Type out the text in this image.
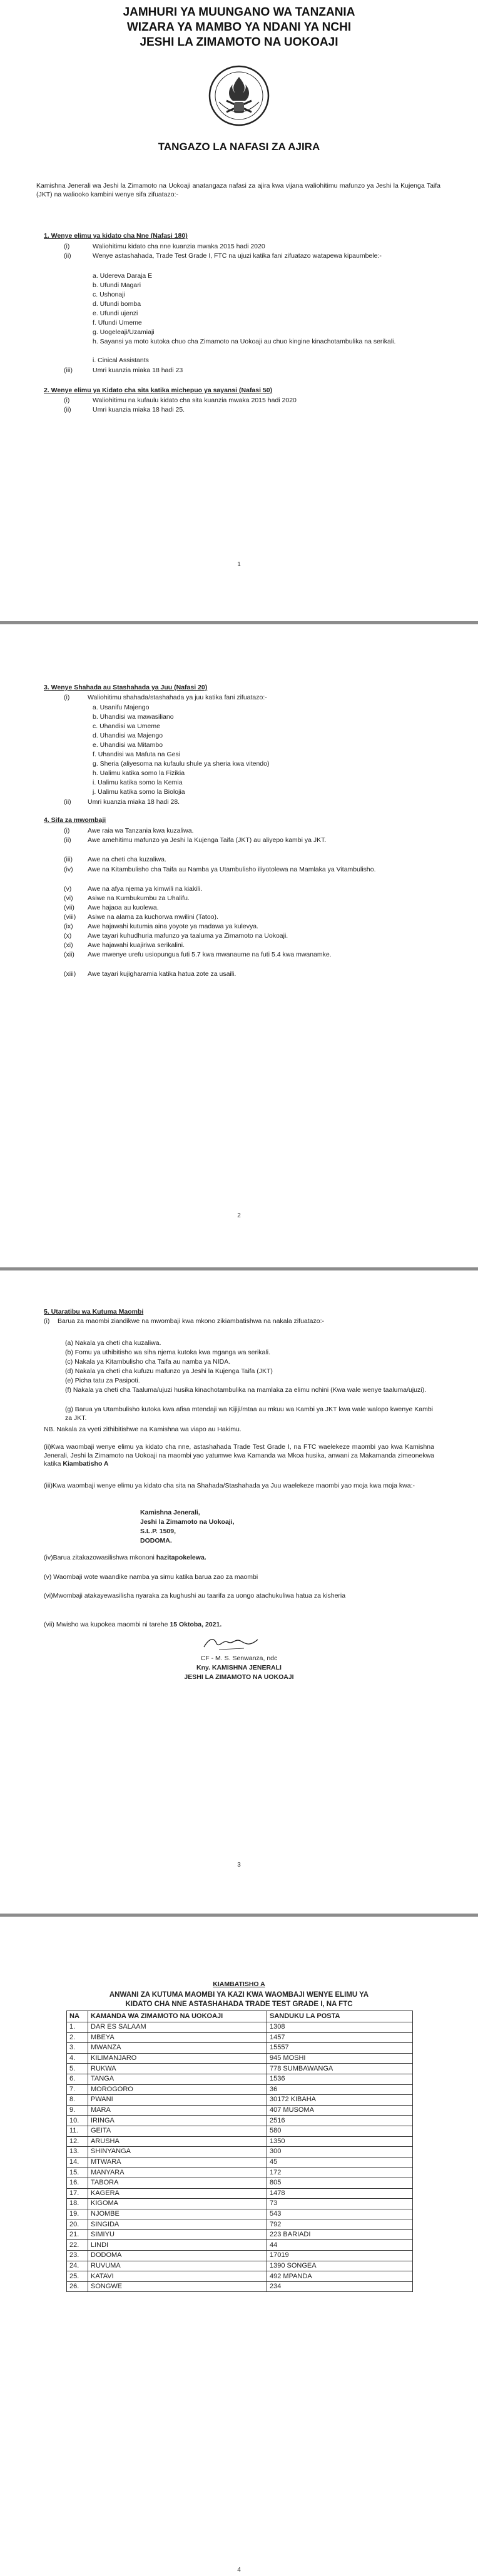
JAMHURI YA MUUNGANO WA TANZANIA
WIZARA YA MAMBO YA NDANI YA NCHI
JESHI LA ZIMAMOTO NA UOKOAJI
TANGAZO LA NAFASI ZA AJIRA
Kamishna Jenerali wa Jeshi la Zimamoto na Uokoaji anatangaza nafasi za ajira kwa vijana waliohitimu mafunzo ya Jeshi la Kujenga Taifa (JKT) na waliooko kambini wenye sifa zifuatazo:-
1. Wenye elimu ya kidato cha Nne (Nafasi 180)
(i)	Waliohitimu kidato cha nne kuanzia mwaka 2015 hadi 2020
(ii)	Wenye astashahada, Trade Test Grade I, FTC na ujuzi katika fani zifuatazo watapewa kipaumbele:-
a. Udereva Daraja E
b. Ufundi Magari
c. Ushonaji
d. Ufundi bomba
e. Ufundi ujenzi
f. Ufundi Umeme
g. Uogeleaji/Uzamiaji
h. Sayansi ya moto kutoka chuo cha Zimamoto na Uokoaji au chuo kingine kinachotambulika na serikali.
i. Cinical Assistants
(iii)	Umri kuanzia miaka 18 hadi 23
2. Wenye elimu ya Kidato cha sita katika michepuo ya sayansi (Nafasi 50)
(i)	Waliohitimu na kufaulu kidato cha sita kuanzia mwaka 2015 hadi 2020
(ii)	Umri kuanzia miaka 18 hadi 25.
1
3. Wenye Shahada au Stashahada ya Juu (Nafasi 20)
(i)	Waliohitimu shahada/stashahada ya juu katika fani zifuatazo:-
a. Usanifu Majengo
b. Uhandisi wa mawasiliano
c. Uhandisi wa Umeme
d. Uhandisi wa Majengo
e. Uhandisi wa Mitambo
f. Uhandisi wa Mafuta na Gesi
g. Sheria (aliyesoma na kufaulu shule ya sheria kwa vitendo)
h. Ualimu katika somo la Fizikia
i. Ualimu katika somo la Kemia
j. Ualimu katika somo la Biolojia
(ii)	Umri kuanzia miaka 18 hadi 28.
4. Sifa za mwombaji
(i)	Awe raia wa Tanzania kwa kuzaliwa.
(ii)	Awe amehitimu mafunzo ya Jeshi la Kujenga Taifa (JKT) au aliyepo kambi ya JKT.
(iii) Awe na cheti cha kuzaliwa.
(iv) Awe na Kitambulisho cha Taifa au Namba ya Utambulisho iliyotolewa na Mamlaka ya Vitambulisho.
(v) Awe na afya njema ya kimwili na kiakili.
(vi) Asiwe na Kumbukumbu za Uhalifu.
(vii) Awe hajaoa au kuolewa.
(viii) Asiwe na alama za kuchorwa mwilini (Tatoo).
(ix) Awe hajawahi kutumia aina yoyote ya madawa ya kulevya.
(x) Awe tayari kuhudhuria mafunzo ya taaluma ya Zimamoto na Uokoaji.
(xi) Awe hajawahi kuajiriwa serikalini.
(xii) Awe mwenye urefu usiopungua futi 5.7 kwa mwanaume na futi 5.4 kwa mwanamke.
(xiii) Awe tayari kujigharamia katika hatua zote za usaili.
2
5. Utaratibu wa Kutuma Maombi
(i) Barua za maombi ziandikwe na mwombaji kwa mkono zikiambatishwa na nakala zifuatazo:-
(a) Nakala ya cheti cha kuzaliwa.
(b) Fomu ya uthibitisho wa siha njema kutoka kwa mganga wa serikali.
(c) Nakala ya Kitambulisho cha Taifa au namba ya NIDA.
(d) Nakala ya cheti cha kufuzu mafunzo ya Jeshi la Kujenga Taifa (JKT)
(e) Picha tatu za Pasipoti.
(f) Nakala ya cheti cha Taaluma/ujuzi husika kinachotambulika na mamlaka za elimu nchini (Kwa wale wenye taaluma/ujuzi).
(g) Barua ya Utambulisho kutoka kwa afisa mtendaji wa Kijiji/mtaa au mkuu wa Kambi ya JKT kwa wale walopo kwenye Kambi za JKT.
NB. Nakala za vyeti zithibitishwe na Kamishna wa viapo au Hakimu.
(ii)Kwa waombaji wenye elimu ya kidato cha nne, astashahada Trade Test Grade I, na FTC waelekeze maombi yao kwa Kamishna Jenerali, Jeshi la Zimamoto na Uokoaji na maombi yao yatumwe kwa Kamanda wa Mkoa husika, anwani za Makamanda zimeonekwa katika Kiambatisho A
(iii)Kwa waombaji wenye elimu ya kidato cha sita na Shahada/Stashahada ya Juu waelekeze maombi yao moja kwa moja kwa:-
Kamishna Jenerali,
Jeshi la Zimamoto na Uokoaji,
S.L.P. 1509,
DODOMA.
(iv)Barua zitakazowasilishwa mkononi hazitapokelewa.
(v) Waombaji wote waandike namba ya simu katika barua zao za maombi
(vi)Mwombaji atakayewasilisha nyaraka za kughushi au taarifa za uongo atachukuliwa hatua za kisheria
(vii) Mwisho wa kupokea maombi ni tarehe 15 Oktoba, 2021.
CF - M. S. Senwanza, ndc
Kny. KAMISHNA JENERALI
JESHI LA ZIMAMOTO NA UOKOAJI
3
KIAMBATISHO A
ANWANI ZA KUTUMA MAOMBI YA KAZI KWA WAOMBAJI WENYE ELIMU YA
KIDATO CHA NNE ASTASHAHADA TRADE TEST GRADE I, NA FTC
NA	KAMANDA WA ZIMAMOTO NA UOKOAJI	SANDUKU LA POSTA
1.	DAR ES SALAAM	1308
2.	MBEYA	1457
3.	MWANZA	15557
4.	KILIMANJARO	945 MOSHI
5.	RUKWA	778 SUMBAWANGA
6.	TANGA	1536
7.	MOROGORO	36
8.	PWANI	30172 KIBAHA
9.	MARA	407 MUSOMA
10.	IRINGA	2516
11.	GEITA	580
12.	ARUSHA	1350
13.	SHINYANGA	300
14.	MTWARA	45
15.	MANYARA	172
16.	TABORA	805
17.	KAGERA	1478
18.	KIGOMA	73
19.	NJOMBE	543
20.	SINGIDA	792
21.	SIMIYU	223 BARIADI
22.	LINDI	44
23.	DODOMA	17019
24.	RUVUMA	1390 SONGEA
25.	KATAVI	492 MPANDA
26.	SONGWE	234
4
